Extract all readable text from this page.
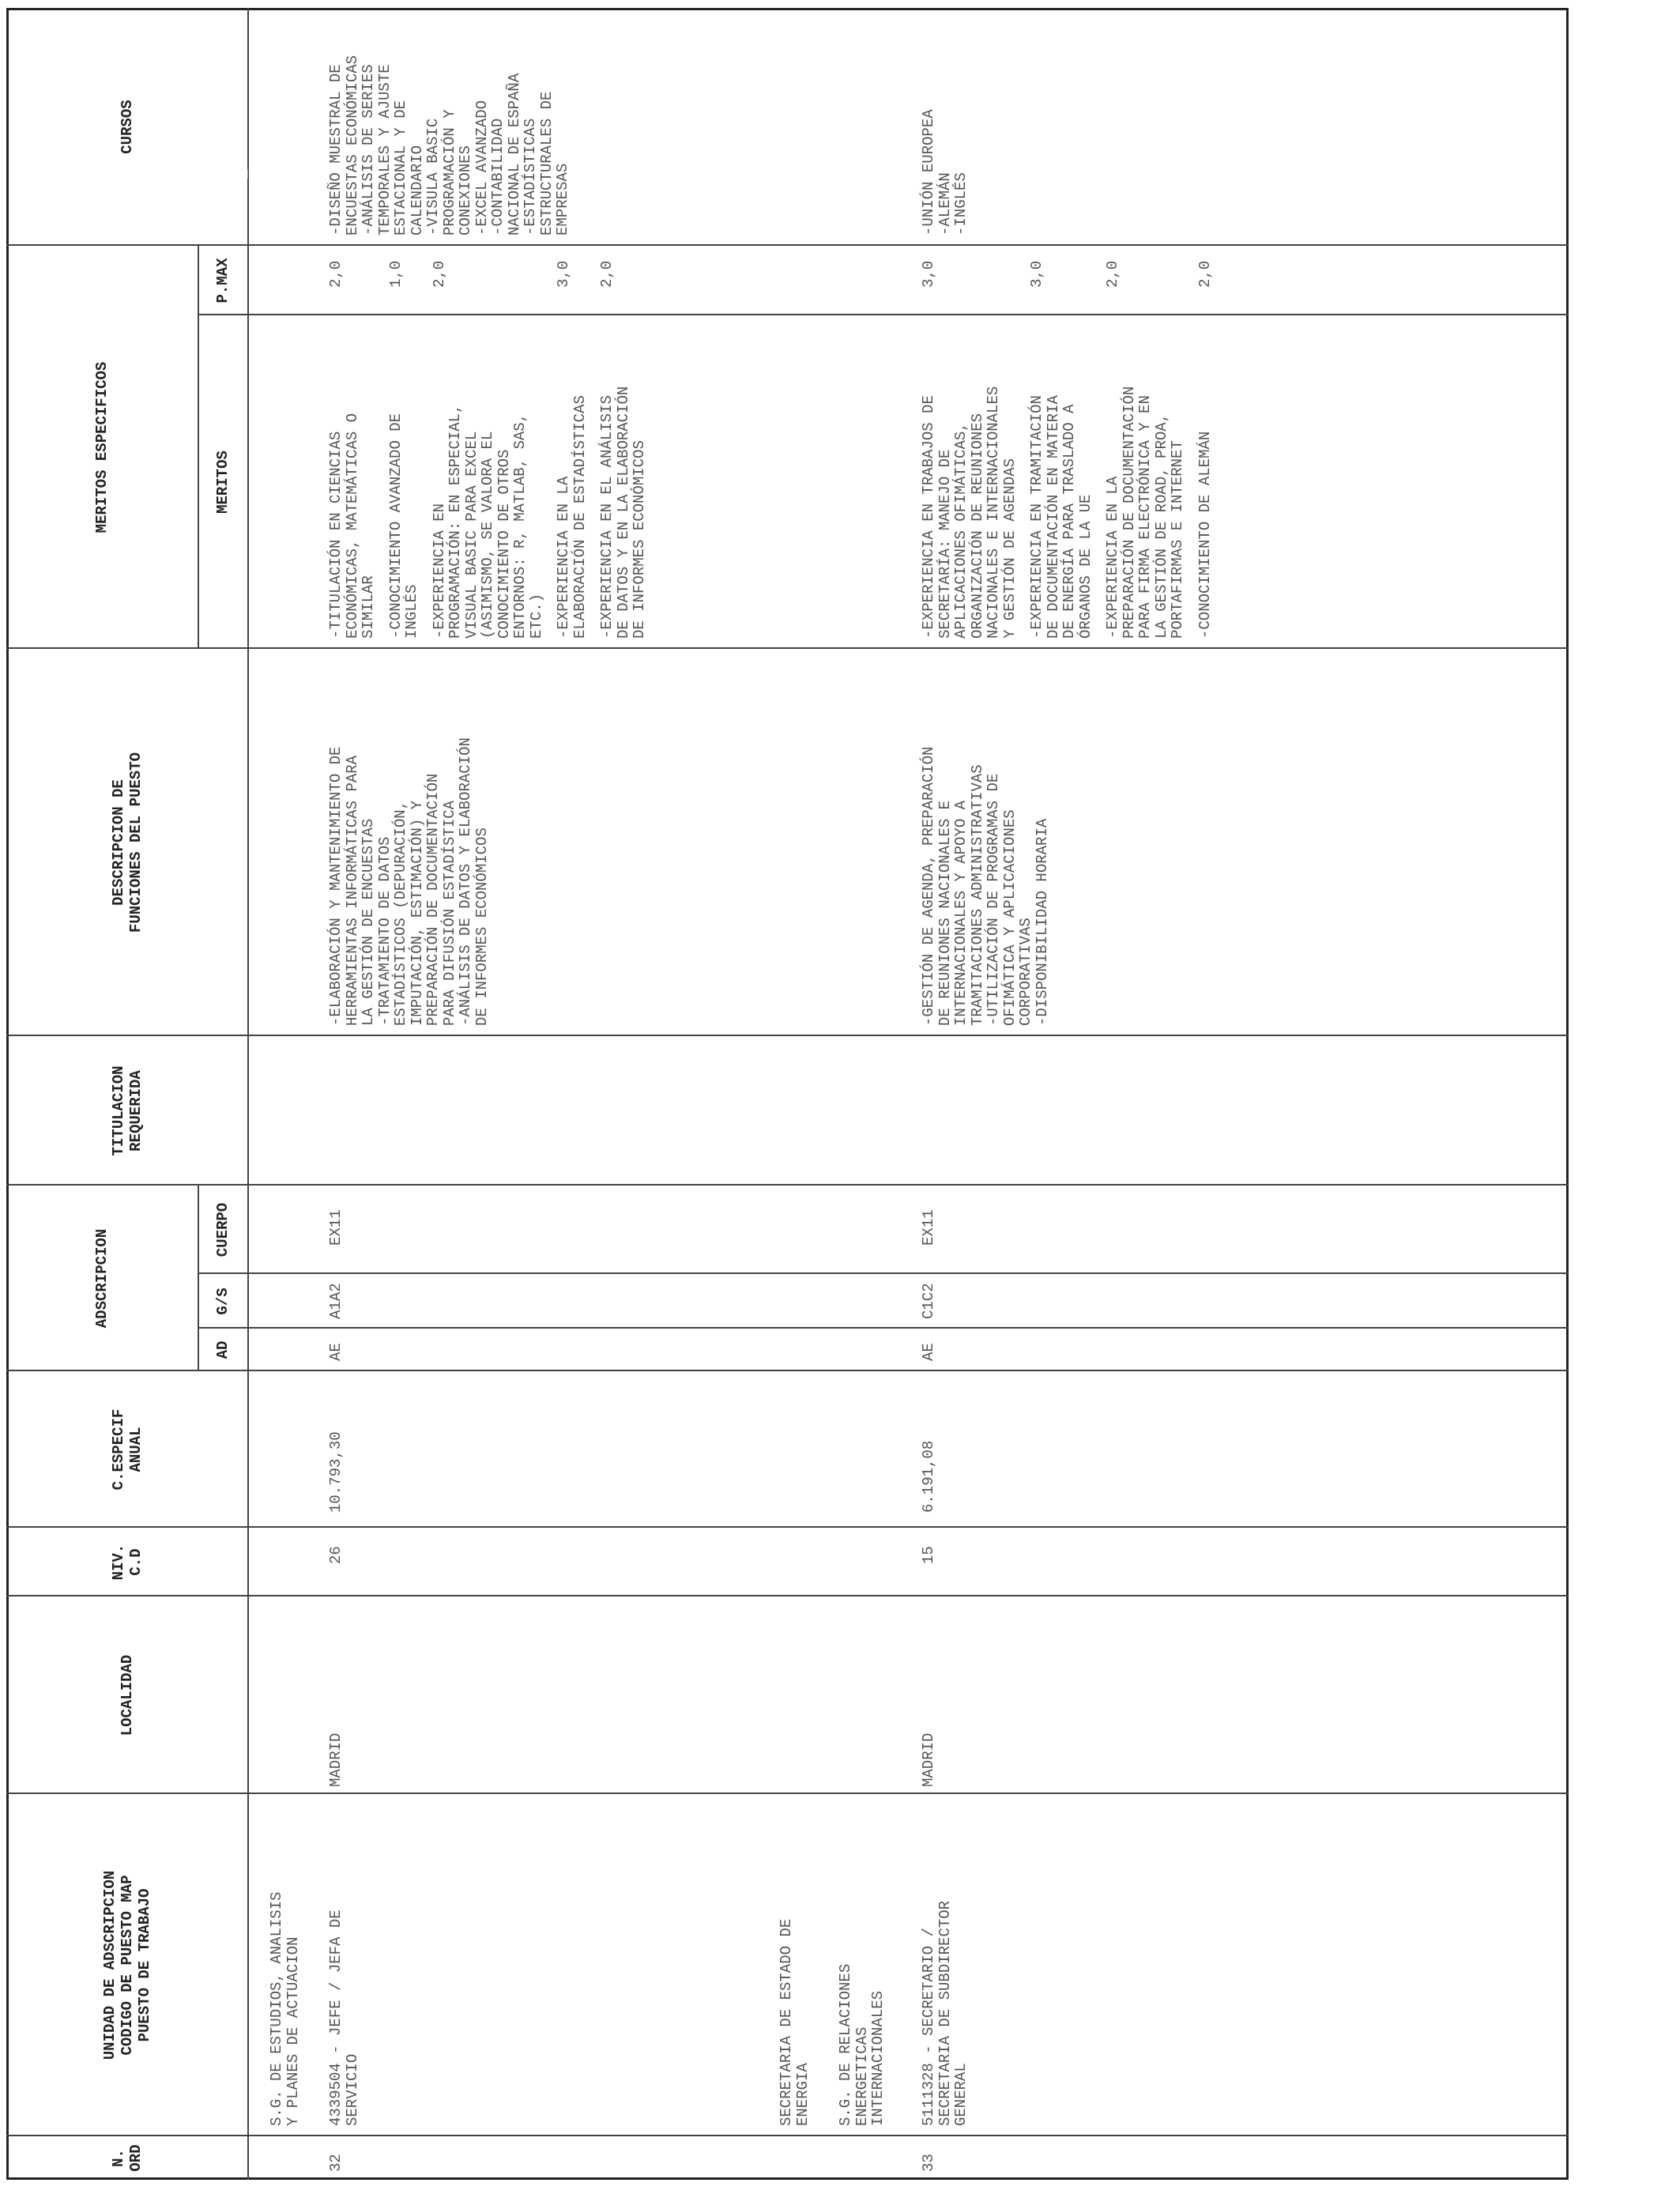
N. ORD
UNIDAD DE ADSCRIPCION CODIGO DE PUESTO MAP PUESTO DE TRABAJO
LOCALIDAD
NIV. C.D
C.ESPECIF ANUAL
ADSCRIPCION
AD
G/S
CUERPO
TITULACION REQUERIDA
DESCRIPCION DE FUNCIONES DEL PUESTO
MERITOS ESPECIFICOS	MERITOS
P.MAX
CURSOS
S.G. DE ESTUDIOS, ANALISIS
Y PLANES DE ACTUACION
SECRETARIA DE ESTADO DE
ENERGIA S.G. DE RELACIONES
ENERGETICAS
INTERNACIONALES
32
4339504 - JEFE / JEFA DE
SERVICIO
MADRID
26
10.793,30
AE
A1A2
EX11
-ELABORACIÓN Y MANTENIMIENTO DE
HERRAMIENTAS INFORMÁTICAS PARA
LA GESTIÓN DE ENCUESTAS
-TRATAMIENTO DE DATOS
ESTADÍSTICOS (DEPURACIÓN,
IMPUTACIÓN, ESTIMACIÓN) Y
PREPARACIÓN DE DOCUMENTACIÓN
PARA DIFUSIÓN ESTADÍSTICA
-ANÁLISIS DE DATOS Y ELABORACIÓN
DE INFORMES ECONÓMICOS
-TITULACIÓN EN CIENCIAS
ECONÓMICAS, MATEMÁTICAS O
SIMILAR
2,0
-CONOCIMIENTO AVANZADO DE
INGLÉS
1,0
-EXPERIENCIA EN
PROGRAMACIÓN: EN ESPECIAL,
VISUAL BASIC PARA EXCEL
(ASIMISMO, SE VALORA EL
CONOCIMIENTO DE OTROS
ENTORNOS: R, MATLAB, SAS,
ETC.)
2,0
-EXPERIENCIA EN LA
ELABORACIÓN DE ESTADÍSTICAS
3,0
-EXPERIENCIA EN EL ANÁLISIS
DE DATOS Y EN LA ELABORACIÓN
DE INFORMES ECONÓMICOS
2,0
-DISEÑO MUESTRAL DE
ENCUESTAS ECONÓMICAS
-ANÁLISIS DE SERIES
TEMPORALES Y AJUSTE
ESTACIONAL Y DE
CALENDARIO
-VISULA BASIC
PROGRAMACIÓN Y
CONEXIONES
-EXCEL AVANZADO
-CONTABILIDAD
NACIONAL DE ESPAÑA
-ESTADÍSTICAS
ESTRUCTURALES DE
EMPRESAS
33
5111328 - SECRETARIO /
SECRETARIA DE SUBDIRECTOR
GENERAL
MADRID
15
6.191,08
AE
C1C2
EX11
-GESTIÓN DE AGENDA, PREPARACIÓN
DE REUNIONES NACIONALES E
INTERNACIONALES Y APOYO A
TRAMITACIONES ADMINISTRATIVAS
-UTILIZACIÓN DE PROGRAMAS DE
OFIMÁTICA Y APLICACIONES
CORPORATIVAS
-DISPONIBILIDAD HORARIA
-EXPERIENCIA EN TRABAJOS DE
SECRETARÍA: MANEJO DE
APLICACIONES OFIMÁTICAS,
ORGANIZACIÓN DE REUNIONES
NACIONALES E INTERNACIONALES
Y GESTIÓN DE AGENDAS
3,0
-EXPERIENCIA EN TRAMITACIÓN
DE DOCUMENTACIÓN EN MATERIA
DE ENERGÍA PARA TRASLADO A
ÓRGANOS DE LA UE
3,0
-EXPERIENCIA EN LA
PREPARACIÓN DE DOCUMENTACIÓN
PARA FIRMA ELECTRÓNICA Y EN
LA GESTIÓN DE ROAD, PROA,
PORTAFIRMAS E INTERNET
2,0
-CONOCIMIENTO DE ALEMÁN
2,0
-UNIÓN EUROPEA
-ALEMÁN
-INGLÉS
